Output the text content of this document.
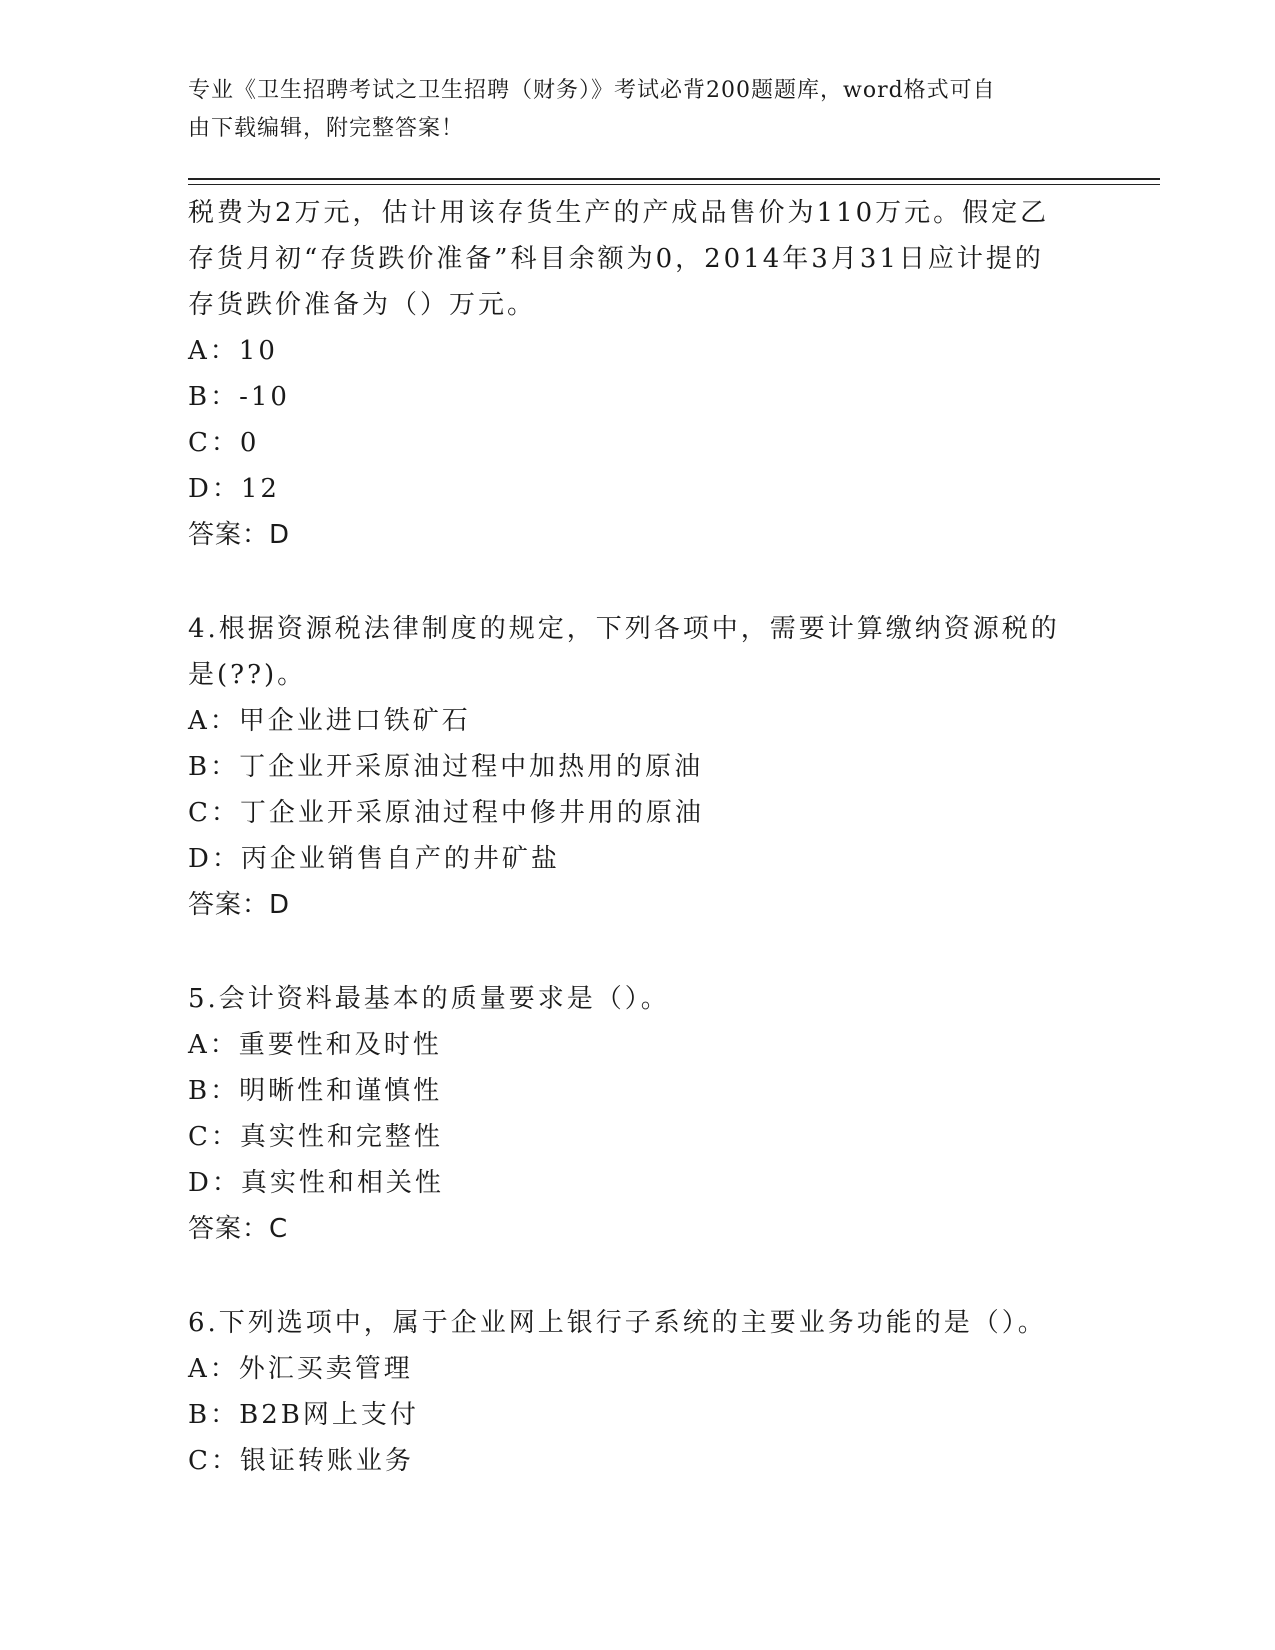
专业《卫生招聘考试之卫生招聘（财务）》考试必背200题题库，word格式可自
由下载编辑，附完整答案！
税费为2万元，估计用该存货生产的产成品售价为110万元。假定乙
存货月初“存货跌价准备”科目余额为0，2014年3月31日应计提的
存货跌价准备为（）万元。
A：10
B：-10
C：0
D：12
答案：D
4.根据资源税法律制度的规定，下列各项中，需要计算缴纳资源税的
是(??)。
A：甲企业进口铁矿石
B：丁企业开采原油过程中加热用的原油
C：丁企业开采原油过程中修井用的原油
D：丙企业销售自产的井矿盐
答案：D
5.会计资料最基本的质量要求是（）。
A：重要性和及时性
B：明晰性和谨慎性
C：真实性和完整性
D：真实性和相关性
答案：C
6.下列选项中，属于企业网上银行子系统的主要业务功能的是（）。
A：外汇买卖管理
B：B2B网上支付
C：银证转账业务
